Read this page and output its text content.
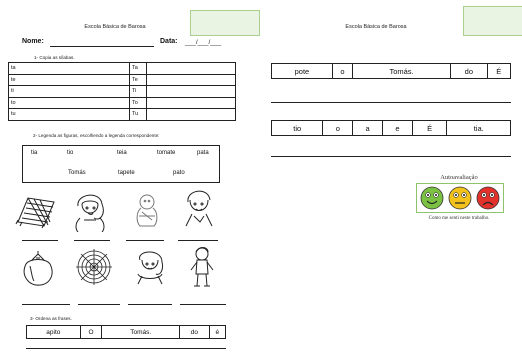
Escola Básica de Barosa
Nome:	Data: ___/___/___
1- Copia as sílabas.
ta	Ta	
te	Te	
ti	Ti	
to	To	
tu	Tu	
2- Legenda as figuras, escolhendo a legenda correspondente:
tia	tio	teia	tomate	pata
Tomás	tapete	pato
3- Ordena as frases.
apito	O	Tomás.	do	é
Escola Básica de Barosa
pote	o	Tomás.	do	É
tio	o	a	e	É	tia.
Autoavaliação
Como me senti neste trabalho.
